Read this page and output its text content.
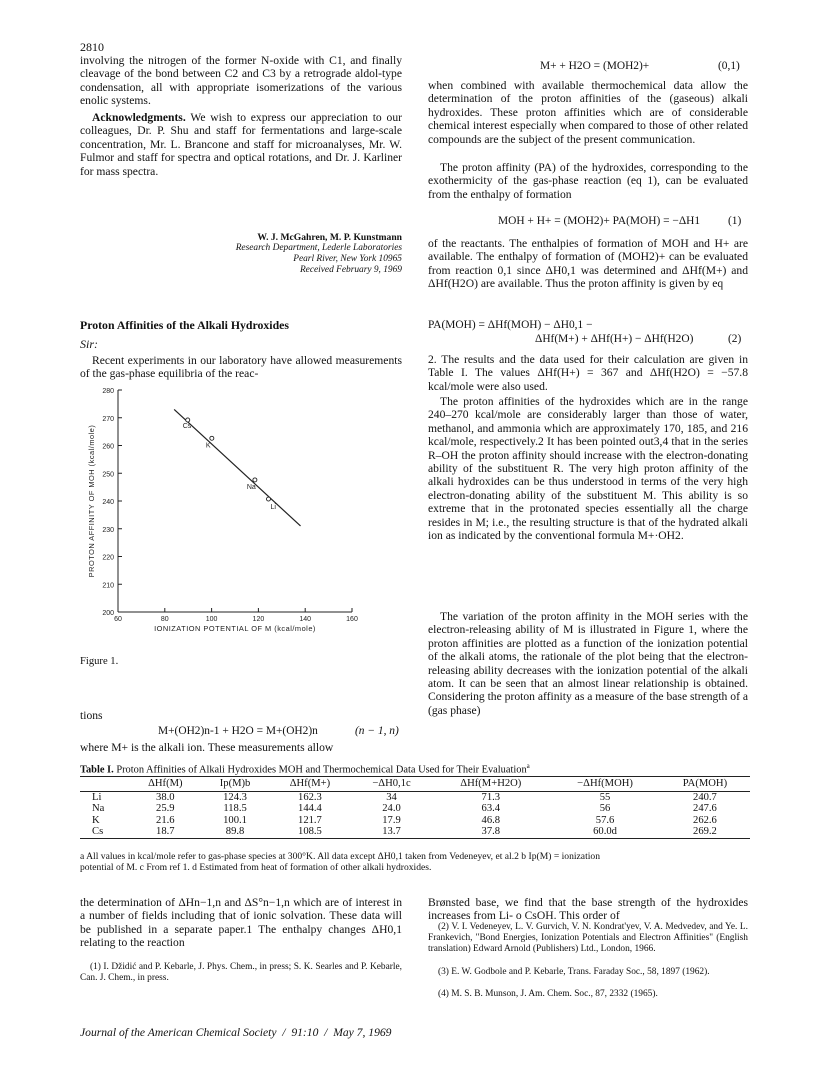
2810
involving the nitrogen of the former N-oxide with C1, and finally cleavage of the bond between C2 and C3 by a retrograde aldol-type condensation, all with appropriate isomerizations of the various enolic systems.
Acknowledgments. We wish to express our appreciation to our colleagues, Dr. P. Shu and staff for fermentations and large-scale concentration, Mr. L. Brancone and staff for microanalyses, Mr. W. Fulmor and staff for spectra and optical rotations, and Dr. J. Karliner for mass spectra.
W. J. McGahren, M. P. Kunstmann
Research Department, Lederle Laboratories
Pearl River, New York 10965
Received February 9, 1969
Proton Affinities of the Alkali Hydroxides
Sir:
Recent experiments in our laboratory have allowed measurements of the gas-phase equilibria of the reac-
200
210
220
230
240
250
260
270
280
60	80	100	120	140	160
IONIZATION POTENTIAL OF M (kcal/mole)
PROTON AFFINITY OF MOH (kcal/mole)	Cs
K
Na
Li
Figure 1.
tions
M+(OH2)n-1 + H2O = M+(OH2)n	(n − 1, n)
where M+ is the alkali ion. These measurements allow
M+ + H2O = (MOH2)+	(0,1)
when combined with available thermochemical data allow the determination of the proton affinities of the (gaseous) alkali hydroxides. These proton affinities which are of considerable chemical interest especially when compared to those of other related compounds are the subject of the present communication.
The proton affinity (PA) of the hydroxides, corresponding to the exothermicity of the gas-phase reaction (eq 1), can be evaluated from the enthalpy of formation
MOH + H+ = (MOH2)+ PA(MOH) = −ΔH1 (1)
of the reactants. The enthalpies of formation of MOH and H+ are available. The enthalpy of formation of (MOH2)+ can be evaluated from reaction 0,1 since ΔH0,1 was determined and ΔHf(M+) and ΔHf(H2O) are available. Thus the proton affinity is given by eq
PA(MOH) = ΔHf(MOH) − ΔH0,1 −
ΔHf(M+) + ΔHf(H+) − ΔHf(H2O)	(2)
2. The results and the data used for their calculation are given in Table I. The values ΔHf(H+) = 367 and ΔHf(H2O) = −57.8 kcal/mole were also used.
The proton affinities of the hydroxides which are in the range 240–270 kcal/mole are considerably larger than those of water, methanol, and ammonia which are approximately 170, 185, and 216 kcal/mole, respectively.2 It has been pointed out3,4 that in the series R–OH the proton affinity should increase with the electron-donating ability of the substituent R. The very high proton affinity of the alkali hydroxides can be thus understood in terms of the very high electron-donating ability of the substituent M. This ability is so extreme that in the protonated species essentially all the charge resides in M; i.e., the resulting structure is that of the hydrated alkali ion as indicated by the conventional formula M+·OH2.
The variation of the proton affinity in the MOH series with the electron-releasing ability of M is illustrated in Figure 1, where the proton affinities are plotted as a function of the ionization potential of the alkali atoms, the rationale of the plot being that the electron-releasing ability decreases with the ionization potential of the alkali atom. It can be seen that an almost linear relationship is obtained. Considering the proton affinity as a measure of the base strength of a (gas phase)
Table I. Proton Affinities of Alkali Hydroxides MOH and Thermochemical Data Used for Their Evaluation$^a$
	ΔHf(M)	Ip(M)b	ΔHf(M+)	−ΔH0,1c	ΔHf(M+H2O)	−ΔHf(MOH)	PA(MOH)
Li	38.0	124.3	162.3	34	71.3	55	240.7
Na	25.9	118.5	144.4	24.0	63.4	56	247.6
K	21.6	100.1	121.7	17.9	46.8	57.6	262.6
Cs	18.7	89.8	108.5	13.7	37.8	60.0d	269.2
a All values in kcal/mole refer to gas-phase species at 300°K. All data except ΔH0,1 taken from Vedeneyev, et al.2 b Ip(M) = ionization
potential of M. c From ref 1. d Estimated from heat of formation of other alkali hydroxides.
the determination of ΔHn−1,n and ΔS°n−1,n which are of interest in a number of fields including that of ionic solvation. These data will be published in a separate paper.1 The enthalpy changes ΔH0,1 relating to the reaction
(1) I. Džidić and P. Kebarle, J. Phys. Chem., in press; S. K. Searles and P. Kebarle, Can. J. Chem., in press.
Brønsted base, we find that the base strength of the hydroxides increases from Li- o CsOH. This order of
(2) V. I. Vedeneyev, L. V. Gurvich, V. N. Kondrat'yev, V. A. Medvedev, and Ye. L. Frankevich, "Bond Energies, Ionization Potentials and Electron Affinities" (English translation) Edward Arnold (Publishers) Ltd., London, 1966.
(3) E. W. Godbole and P. Kebarle, Trans. Faraday Soc., 58, 1897 (1962).
(4) M. S. B. Munson, J. Am. Chem. Soc., 87, 2332 (1965).
Journal of the American Chemical Society  /  91:10  /  May 7, 1969
